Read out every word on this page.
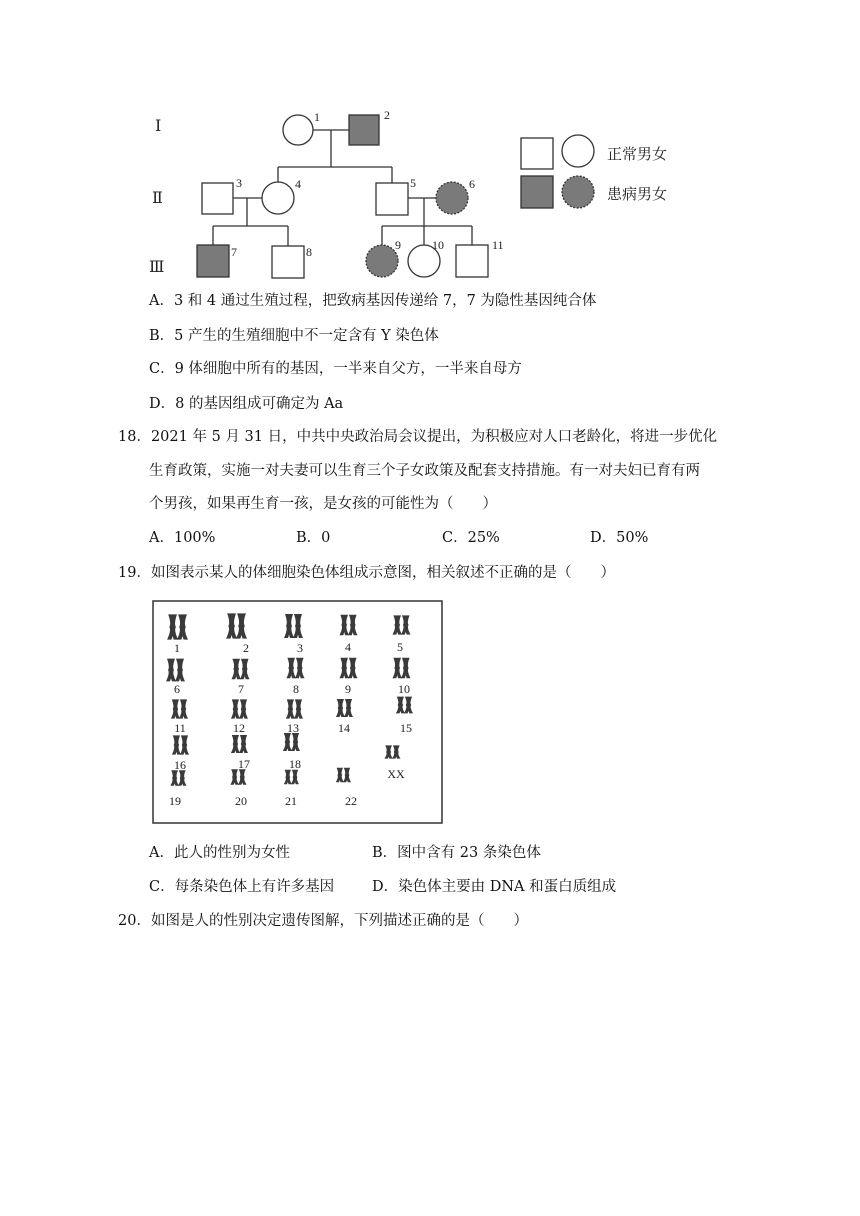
Ⅰ
Ⅱ
Ⅲ
1	2
3	4	5	6
7	8	9	10	11
正常男女
患病男女
A．3 和 4 通过生殖过程，把致病基因传递给 7，7 为隐性基因纯合体
B．5 产生的生殖细胞中不一定含有 Y 染色体
C．9 体细胞中所有的基因，一半来自父方，一半来自母方
D．8 的基因组成可确定为 Aa
18．2021 年 5 月 31 日，中共中央政治局会议提出，为积极应对人口老龄化，将进一步优化
生育政策，实施一对夫妻可以生育三个子女政策及配套支持措施。有一对夫妇已育有两
个男孩，如果再生育一孩，是女孩的可能性为（　　）
A．100%	B．0	C．25%	D．50%
19．如图表示某人的体细胞染色体组成示意图，相关叙述不正确的是（　　）
1	2	3	4	5
6	7	8	9	10
11	12	13	14	15
16	17	18
19	20	21	22
XX
A．此人的性别为女性	B．图中含有 23 条染色体
C．每条染色体上有许多基因	D．染色体主要由 DNA 和蛋白质组成
20．如图是人的性别决定遗传图解，下列描述正确的是（　　）
